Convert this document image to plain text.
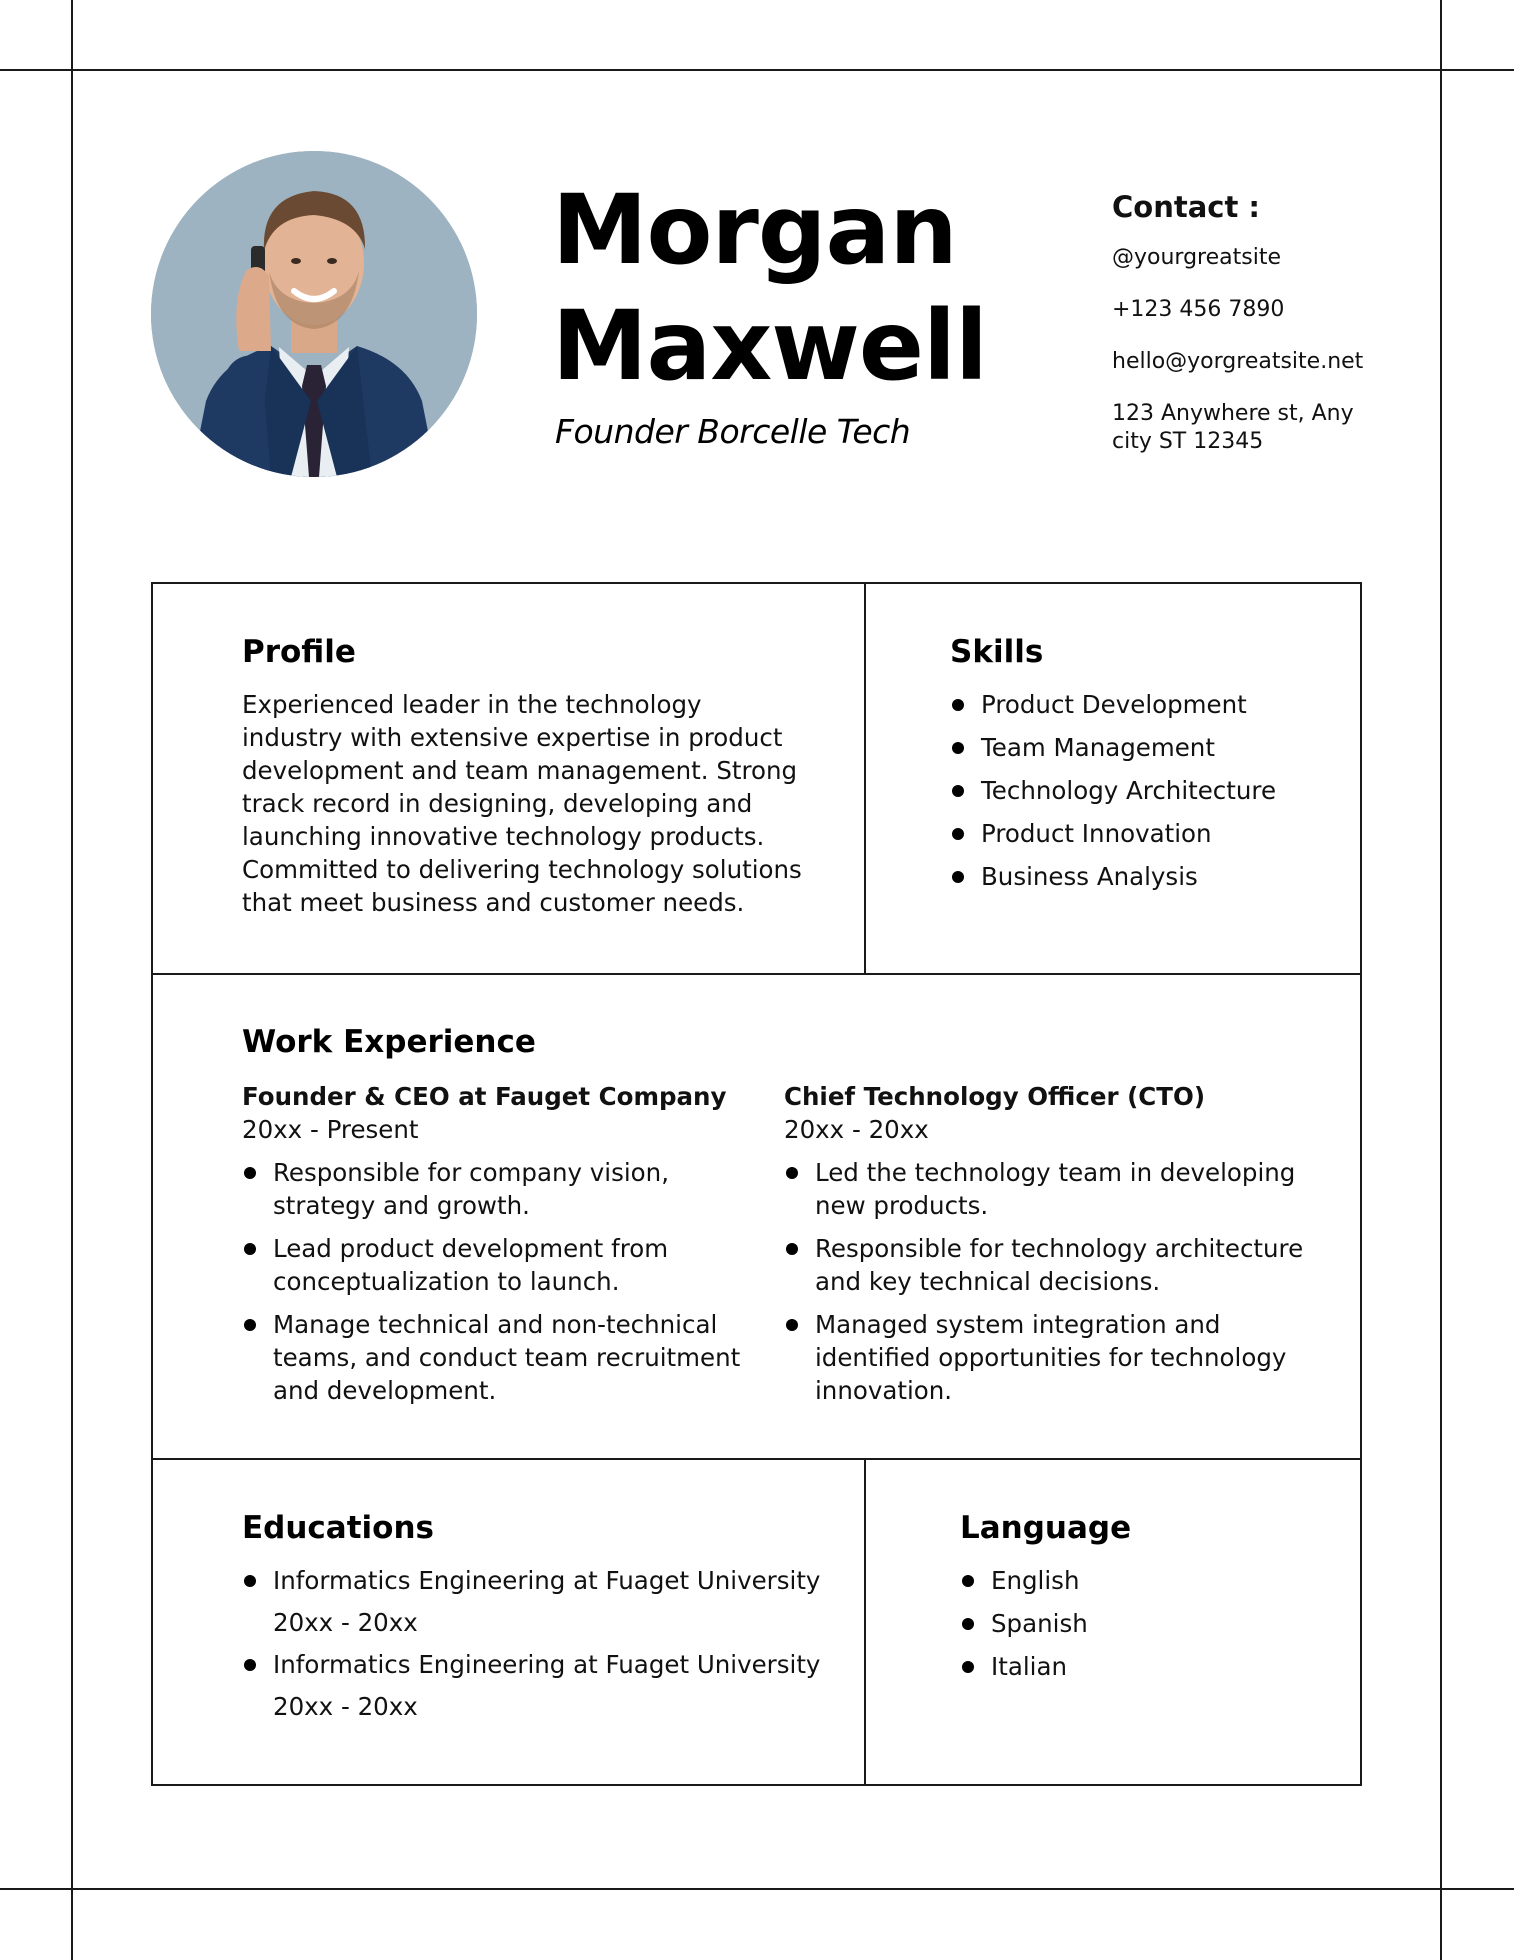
Morgan
Maxwell
Founder Borcelle Tech
Contact :
@yourgreatsite
+123 456 7890
hello@yorgreatsite.net
123 Anywhere st, Any city ST 12345
Profile

Experienced leader in the technology industry with extensive expertise in product development and team management. Strong track record in designing, developing and launching innovative technology products. Committed to delivering technology solutions that meet business and customer needs.

Skills
Product Development
Team Management
Technology Architecture
Product Innovation
Business Analysis
Work Experience
Founder & CEO at Fauget Company
20xx - Present
Responsible for company vision, strategy and growth.
Lead product development from conceptualization to launch.
Manage technical and non-technical teams, and conduct team recruitment and development.
Chief Technology Officer (CTO)
20xx - 20xx
Led the technology team in developing new products.
Responsible for technology architecture and key technical decisions.
Managed system integration and identified opportunities for technology innovation.
Educations
Informatics Engineering at Fuaget University
20xx - 20xx
Informatics Engineering at Fuaget University
20xx - 20xx
Language
English
Spanish
Italian
